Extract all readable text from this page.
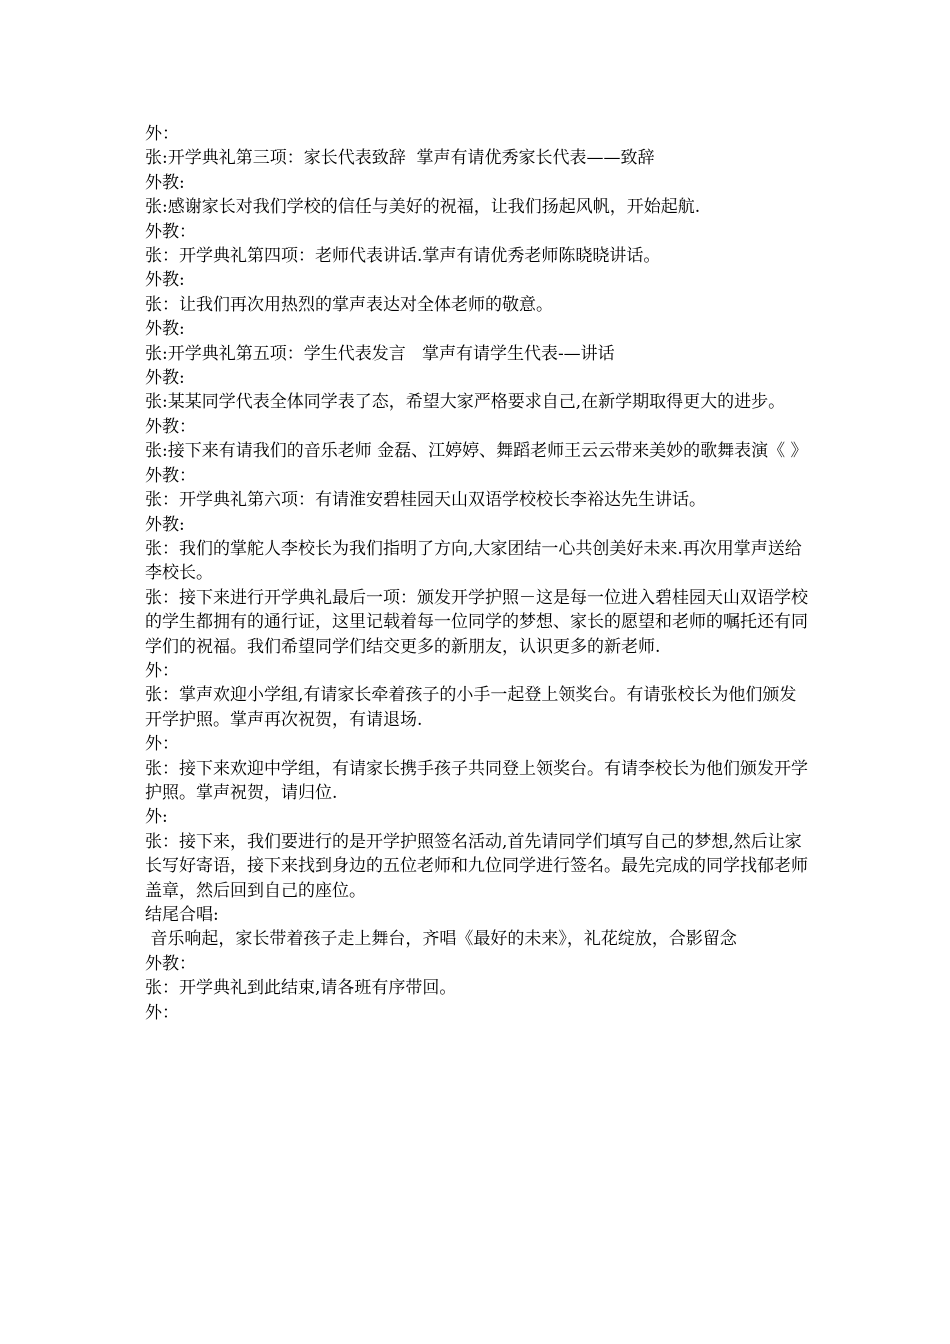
外：

张:开学典礼第三项：家长代表致辞  掌声有请优秀家长代表——致辞

外教:

张:感谢家长对我们学校的信任与美好的祝福，让我们扬起风帆，开始起航.

外教：

张：开学典礼第四项：老师代表讲话.掌声有请优秀老师陈晓晓讲话。

外教:

张：让我们再次用热烈的掌声表达对全体老师的敬意。

外教:

张:开学典礼第五项：学生代表发言   掌声有请学生代表-—讲话

外教:

张:某某同学代表全体同学表了态，希望大家严格要求自己,在新学期取得更大的进步。

外教：

张:接下来有请我们的音乐老师 金磊、江婷婷、舞蹈老师王云云带来美妙的歌舞表演《 》

外教：

张：开学典礼第六项：有请淮安碧桂园天山双语学校校长李裕达先生讲话。

外教:

张：我们的掌舵人李校长为我们指明了方向,大家团结一心共创美好未来.再次用掌声送给李校长。

张：接下来进行开学典礼最后一项：颁发开学护照－这是每一位进入碧桂园天山双语学校的学生都拥有的通行证，这里记载着每一位同学的梦想、家长的愿望和老师的嘱托还有同学们的祝福。我们希望同学们结交更多的新朋友，认识更多的新老师.

外：

张：掌声欢迎小学组,有请家长牵着孩子的小手一起登上领奖台。有请张校长为他们颁发开学护照。掌声再次祝贺，有请退场.

外：

张：接下来欢迎中学组，有请家长携手孩子共同登上领奖台。有请李校长为他们颁发开学护照。掌声祝贺，请归位.

外:

张：接下来，我们要进行的是开学护照签名活动,首先请同学们填写自己的梦想,然后让家长写好寄语，接下来找到身边的五位老师和九位同学进行签名。最先完成的同学找郁老师盖章，然后回到自己的座位。

结尾合唱:

音乐响起，家长带着孩子走上舞台，齐唱《最好的未来》，礼花绽放，合影留念

外教：

张：开学典礼到此结束,请各班有序带回。

外：
